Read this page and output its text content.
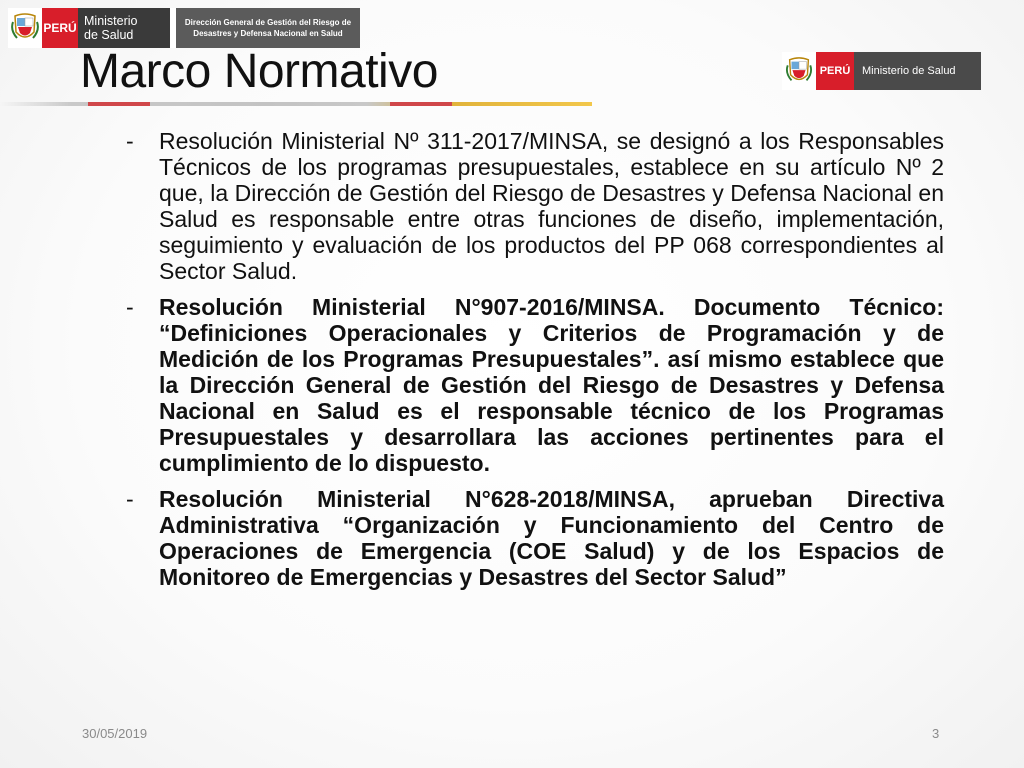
PERÚ Ministerio
de Salud
Dirección General de Gestión del Riesgo de Desastres y Defensa Nacional en Salud
Marco Normativo	PERÚ	Ministerio de Salud
- Resolución Ministerial Nº 311-2017/MINSA, se designó a los Responsables Técnicos de los programas presupuestales, establece en su artículo Nº 2 que, la Dirección de Gestión del Riesgo de Desastres y Defensa Nacional en Salud es responsable entre otras funciones de diseño, implementación, seguimiento y evaluación de los productos del PP 068 correspondientes al Sector Salud.
- Resolución Ministerial N°907-2016/MINSA. Documento Técnico: “Definiciones Operacionales y Criterios de Programación y de Medición de los Programas Presupuestales”. así mismo establece que la Dirección General de Gestión del Riesgo de Desastres y Defensa Nacional en Salud es el responsable técnico de los Programas Presupuestales y desarrollara las acciones pertinentes para el cumplimiento de lo dispuesto.
- Resolución Ministerial N°628-2018/MINSA, aprueban Directiva Administrativa “Organización y Funcionamiento del Centro de Operaciones de Emergencia (COE Salud) y de los Espacios de Monitoreo de Emergencias y Desastres del Sector Salud”
30/05/2019	3
